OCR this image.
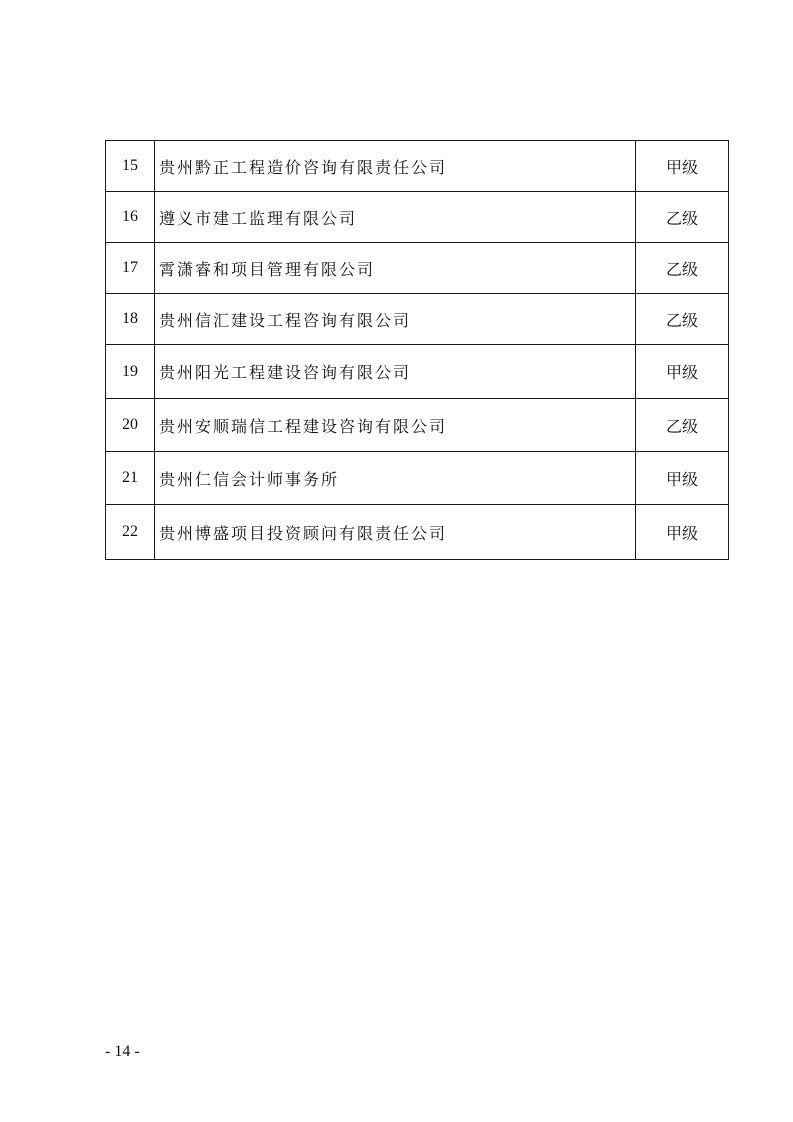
15	贵州黔正工程造价咨询有限责任公司	甲级
16	遵义市建工监理有限公司	乙级
17	霄潇睿和项目管理有限公司	乙级
18	贵州信汇建设工程咨询有限公司	乙级
19	贵州阳光工程建设咨询有限公司	甲级
20	贵州安顺瑞信工程建设咨询有限公司	乙级
21	贵州仁信会计师事务所	甲级
22	贵州博盛项目投资顾问有限责任公司	甲级
- 14 -
